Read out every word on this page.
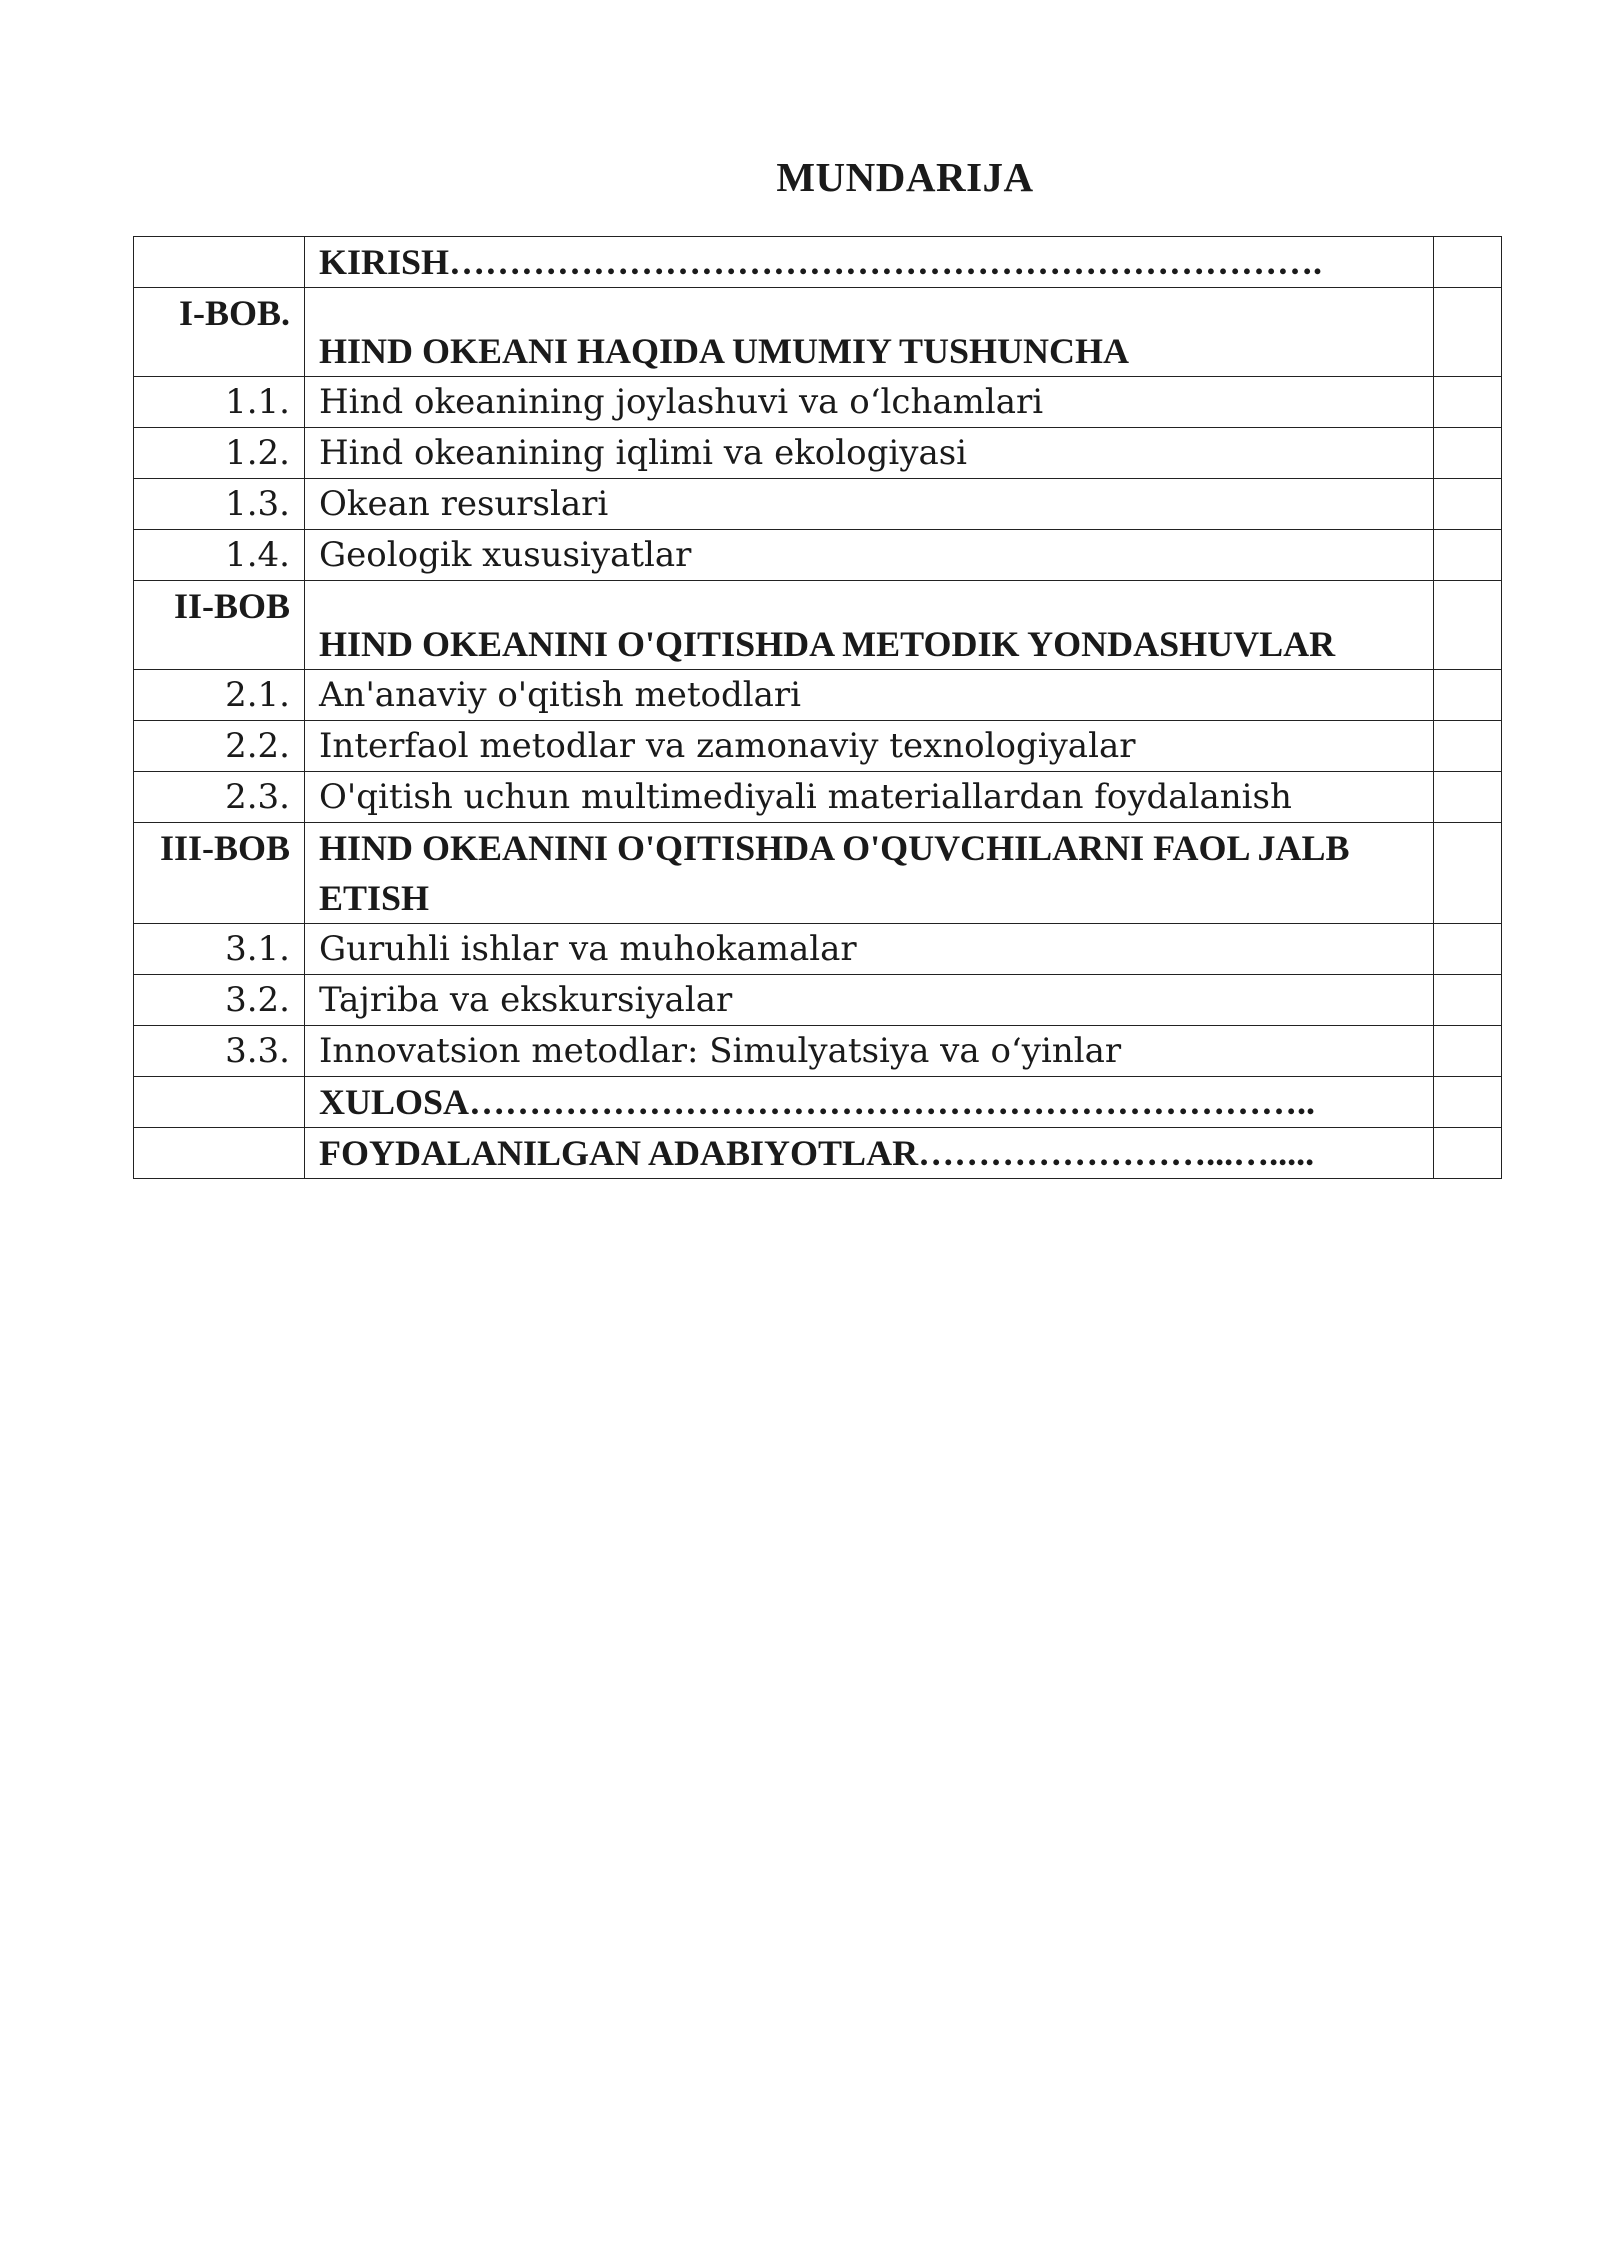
MUNDARIJA
	KIRISH……………………………………………………………….	
I-BOB.	HIND OKEANI HAQIDA UMUMIY TUSHUNCHA	
1.1.	Hind okeanining joylashuvi va o‘lchamlari	
1.2.	Hind okeanining iqlimi va ekologiyasi	
1.3.	Okean resurslari	
1.4.	Geologik xususiyatlar	
II-BOB	HIND OKEANINI O'QITISHDA METODIK YONDASHUVLAR	
2.1.	An'anaviy o'qitish metodlari	
2.2.	Interfaol metodlar va zamonaviy texnologiyalar	
2.3.	O'qitish uchun multimediyali materiallardan foydalanish	
III-BOB	HIND OKEANINI O'QITISHDA O'QUVCHILARNI FAOL JALB ETISH	
3.1.	Guruhli ishlar va muhokamalar	
3.2.	Tajriba va ekskursiyalar	
3.3.	Innovatsion metodlar: Simulyatsiya va o‘yinlar	
	XULOSA……………………………………………………………..	
	FOYDALANILGAN ADABIYOTLAR……………………...….....	
